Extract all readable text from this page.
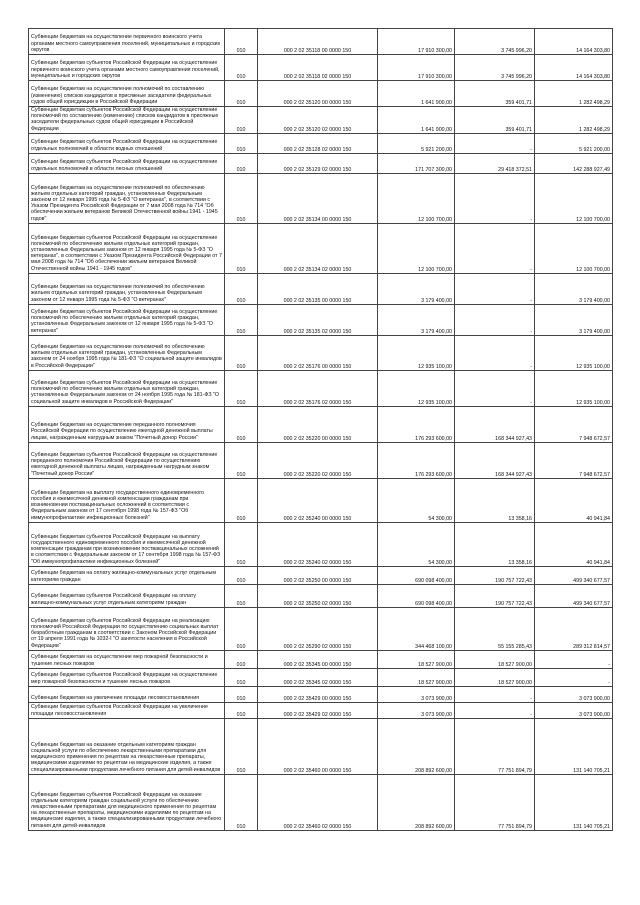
Субвенции бюджетам на осуществление первичного воинского учета органами местного самоуправления поселений, муниципальных и городских округов	010	000 2 02 35118 00 0000 150	17 910 300,00	3 745 996,20	14 164 303,80
Субвенции бюджетам субъектов Российской Федерации на осуществление первичного воинского учета органами местного самоуправления поселений, муниципальных и городских округов	010	000 2 02 35118 02 0000 150	17 910 300,00	3 745 996,20	14 164 303,80
Субвенции бюджетам на осуществление полномочий по составлению (изменению) списков кандидатов в присяжные заседатели федеральных судов общей юрисдикции в Российской Федерации	010	000 2 02 35120 00 0000 150	1 641 900,00	359 401,71	1 282 498,29
Субвенции бюджетам субъектов Российской Федерации на осуществление полномочий по составлению (изменению) списков кандидатов в присяжные заседатели федеральных судов общей юрисдикции в Российской Федерации	010	000 2 02 35120 02 0000 150	1 641 900,00	359 401,71	1 282 498,29
Субвенции бюджетам субъектов Российской Федерации на осуществление отдельных полномочий в области водных отношений	010	000 2 02 35128 02 0000 150	5 921 200,00	-	5 921 200,00
Субвенции бюджетам субъектов Российской Федерации на осуществление отдельных полномочий в области лесных отношений	010	000 2 02 35129 02 0000 150	171 707 300,00	29 418 372,51	142 288 927,49
Субвенции бюджетам на осуществление полномочий по обеспечению жильем отдельных категорий граждан, установленных Федеральным законом от 12 января 1995 года № 5-ФЗ "О ветеранах", в соответствии с Указом Президента Российской Федерации от 7 мая 2008 года № 714 "Об обеспечении жильем ветеранов Великой Отечественной войны 1941 - 1945 годов"	010	000 2 02 35134 00 0000 150	12 100 700,00	-	12 100 700,00
Субвенции бюджетам субъектов Российской Федерации на осуществление полномочий по обеспечению жильем отдельных категорий граждан, установленных Федеральным законом от 12 января 1995 года № 5-ФЗ "О ветеранах", в соответствии с Указом Президента Российской Федерации от 7 мая 2008 года № 714 "Об обеспечении жильем ветеранов Великой Отечественной войны 1941 - 1945 годов"	010	000 2 02 35134 02 0000 150	12 100 700,00	-	12 100 700,00
Субвенции бюджетам на осуществление полномочий по обеспечению жильем отдельных категорий граждан, установленных Федеральным законом от 12 января 1995 года № 5-ФЗ "О ветеранах"	010	000 2 02 35135 00 0000 150	3 179 400,00	-	3 179 400,00
Субвенции бюджетам субъектов Российской Федерации на осуществление полномочий по обеспечению жильем отдельных категорий граждан, установленных Федеральным законом от 12 января 1995 года № 5-ФЗ "О ветеранах"	010	000 2 02 35135 02 0000 150	3 179 400,00	-	3 179 400,00
Субвенции бюджетам на осуществление полномочий по обеспечению жильем отдельных категорий граждан, установленных Федеральным законом от 24 ноября 1995 года № 181-ФЗ "О социальной защите инвалидов в Российской Федерации"	010	000 2 02 35176 00 0000 150	12 935 100,00	-	12 935 100,00
Субвенции бюджетам субъектов Российской Федерации на осуществление полномочий по обеспечению жильем отдельных категорий граждан, установленных Федеральным законом от 24 ноября 1995 года № 181-ФЗ "О социальной защите инвалидов в Российской Федерации"	010	000 2 02 35176 02 0000 150	12 935 100,00	-	12 935 100,00
Субвенции бюджетам на осуществление переданного полномочия Российской Федерации по осуществлению ежегодной денежной выплаты лицам, награжденным нагрудным знаком "Почетный донор России"	010	000 2 02 35220 00 0000 150	176 293 600,00	168 344 927,43	7 948 672,57
Субвенции бюджетам субъектов Российской Федерации на осуществление переданного полномочия Российской Федерации по осуществлению ежегодной денежной выплаты лицам, награжденным нагрудным знаком "Почетный донор России"	010	000 2 02 35220 02 0000 150	176 293 600,00	168 344 927,43	7 948 672,57
Субвенции бюджетам на выплату государственного единовременного пособия и ежемесячной денежной компенсации гражданам при возникновении поствакцинальных осложнений в соответствии с Федеральным законом от 17 сентября 1998 года № 157-ФЗ "Об иммунопрофилактике инфекционных болезней"	010	000 2 02 35240 00 0000 150	54 300,00	13 358,16	40 941,84
Субвенции бюджетам субъектов Российской Федерации на выплату государственного единовременного пособия и ежемесячной денежной компенсации гражданам при возникновении поствакцинальных осложнений в соответствии с Федеральным законом от 17 сентября 1998 года № 157-ФЗ "Об иммунопрофилактике инфекционных болезней"	010	000 2 02 35240 02 0000 150	54 300,00	13 358,16	40 941,84
Субвенции бюджетам на оплату жилищно-коммунальных услуг отдельным категориям граждан	010	000 2 02 35250 00 0000 150	690 098 400,00	190 757 722,43	499 340 677,57
Субвенции бюджетам субъектов Российской Федерации на оплату жилищно-коммунальных услуг отдельным категориям граждан	010	000 2 02 35250 02 0000 150	690 098 400,00	190 757 722,43	499 340 677,57
Субвенции бюджетам субъектов Российской Федерации на реализацию полномочий Российской Федерации по осуществлению социальных выплат безработным гражданам в соответствии с Законом Российской Федерации от 19 апреля 1991 года № 1032-I "О занятости населения в Российской Федерации"	010	000 2 02 35290 02 0000 150	344 468 100,00	55 155 285,43	289 312 814,57
Субвенции бюджетам на осуществление мер пожарной безопасности и тушение лесных пожаров	010	000 2 02 35345 00 0000 150	18 527 900,00	18 527 900,00	-
Субвенции бюджетам субъектов Российской Федерации на осуществление мер пожарной безопасности и тушение лесных пожаров	010	000 2 02 35345 02 0000 150	18 527 900,00	18 527 900,00	-
Субвенции бюджетам на увеличение площади лесовосстановления	010	000 2 02 35429 00 0000 150	3 073 900,00	-	3 073 900,00
Субвенции бюджетам субъектов Российской Федерации на увеличение площади лесовосстановления	010	000 2 02 35429 02 0000 150	3 073 900,00	-	3 073 900,00
Субвенции бюджетам на оказание отдельным категориям граждан социальной услуги по обеспечению лекарственными препаратами для медицинского применения по рецептам на лекарственные препараты, медицинскими изделиями по рецептам на медицинские изделия, а также специализированными продуктами лечебного питания для детей-инвалидов	010	000 2 02 35460 00 0000 150	208 892 600,00	77 751 894,79	131 140 705,21
Субвенции бюджетам субъектов Российской Федерации на оказание отдельным категориям граждан социальной услуги по обеспечению лекарственными препаратами для медицинского применения по рецептам на лекарственные препараты, медицинскими изделиями по рецептам на медицинские изделия, а также специализированными продуктами лечебного питания для детей-инвалидов	010	000 2 02 35460 02 0000 150	208 892 600,00	77 751 894,79	131 140 705,21
